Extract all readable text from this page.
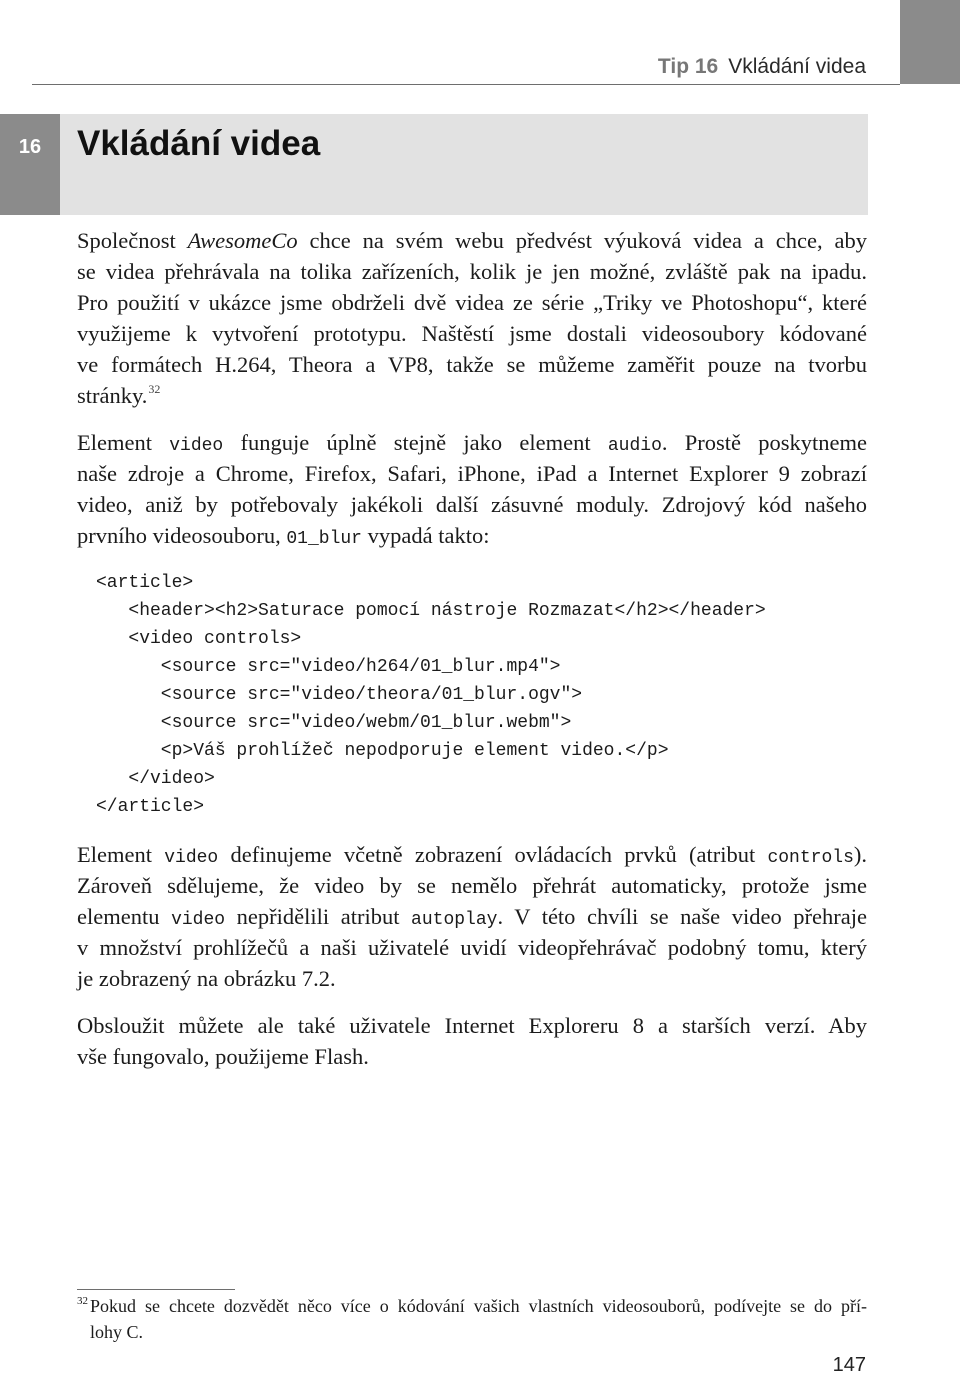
Tip 16 Vkládání videa
16	Vkládání videa
Společnost AwesomeCo chce na svém webu předvést výuková videa a chce, aby
se videa přehrávala na tolika zařízeních, kolik je jen možné, zvláště pak na ipadu.
Pro použití v ukázce jsme obdrželi dvě videa ze série „Triky ve Photoshopu“, které
využijeme k vytvoření prototypu. Naštěstí jsme dostali videosoubory kódované
ve formátech H.264, Theora a VP8, takže se můžeme zaměřit pouze na tvorbu
stránky.$^{32}$
Element video funguje úplně stejně jako element audio. Prostě poskytneme
naše zdroje a Chrome, Firefox, Safari, iPhone, iPad a Internet Explorer 9 zobrazí
video, aniž by potřebovaly jakékoli další zásuvné moduly. Zdrojový kód našeho
prvního videosouboru, 01_blur vypadá takto:
<article>
<header><h2>Saturace pomocí nástroje Rozmazat</h2></header>
<video controls>
<source src="video/h264/01_blur.mp4">
<source src="video/theora/01_blur.ogv">
<source src="video/webm/01_blur.webm">
<p>Váš prohlížeč nepodporuje element video.</p>
</video>
</article>
Element video definujeme včetně zobrazení ovládacích prvků (atribut controls).
Zároveň sdělujeme, že video by se nemělo přehrát automaticky, protože jsme
elementu video nepřidělili atribut autoplay. V této chvíli se naše video přehraje
v množství prohlížečů a naši uživatelé uvidí videopřehrávač podobný tomu, který
je zobrazený na obrázku 7.2.
Obsloužit můžete ale také uživatele Internet Exploreru 8 a starších verzí. Aby
vše fungovalo, použijeme Flash.
32 Pokud se chcete dozvědět něco více o kódování vašich vlastních videosouborů, podívejte se do pří-
lohy C.
147
